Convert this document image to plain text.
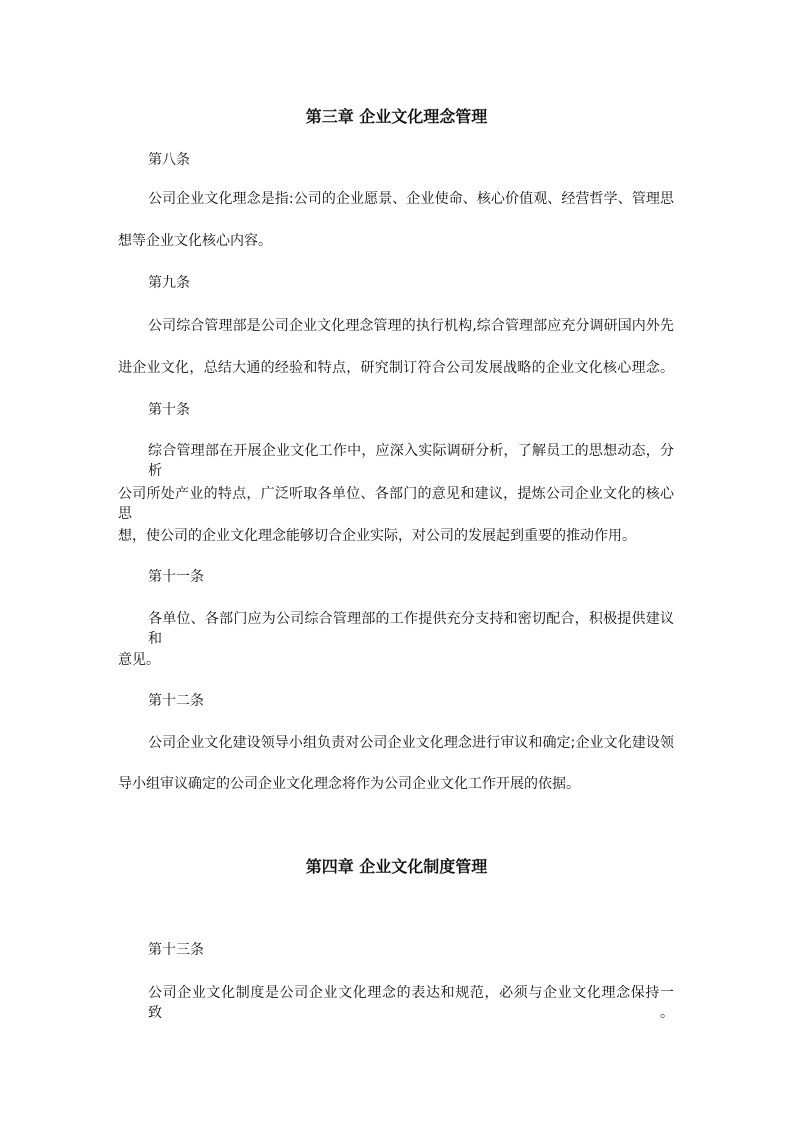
第三章 企业文化理念管理
第八条
公司企业文化理念是指:公司的企业愿景、企业使命、核心价值观、经营哲学、管理思
想等企业文化核心内容。
第九条
公司综合管理部是公司企业文化理念管理的执行机构,综合管理部应充分调研国内外先
进企业文化，总结大通的经验和特点，研究制订符合公司发展战略的企业文化核心理念。
第十条
综合管理部在开展企业文化工作中，应深入实际调研分析，了解员工的思想动态，分析
公司所处产业的特点，广泛听取各单位、各部门的意见和建议，提炼公司企业文化的核心思
想，使公司的企业文化理念能够切合企业实际，对公司的发展起到重要的推动作用。
第十一条
各单位、各部门应为公司综合管理部的工作提供充分支持和密切配合，积极提供建议和
意见。
第十二条
公司企业文化建设领导小组负责对公司企业文化理念进行审议和确定;企业文化建设领
导小组审议确定的公司企业文化理念将作为公司企业文化工作开展的依据。
第四章 企业文化制度管理
第十三条
公司企业文化制度是公司企业文化理念的表达和规范，必须与企业文化理念保持一致。
